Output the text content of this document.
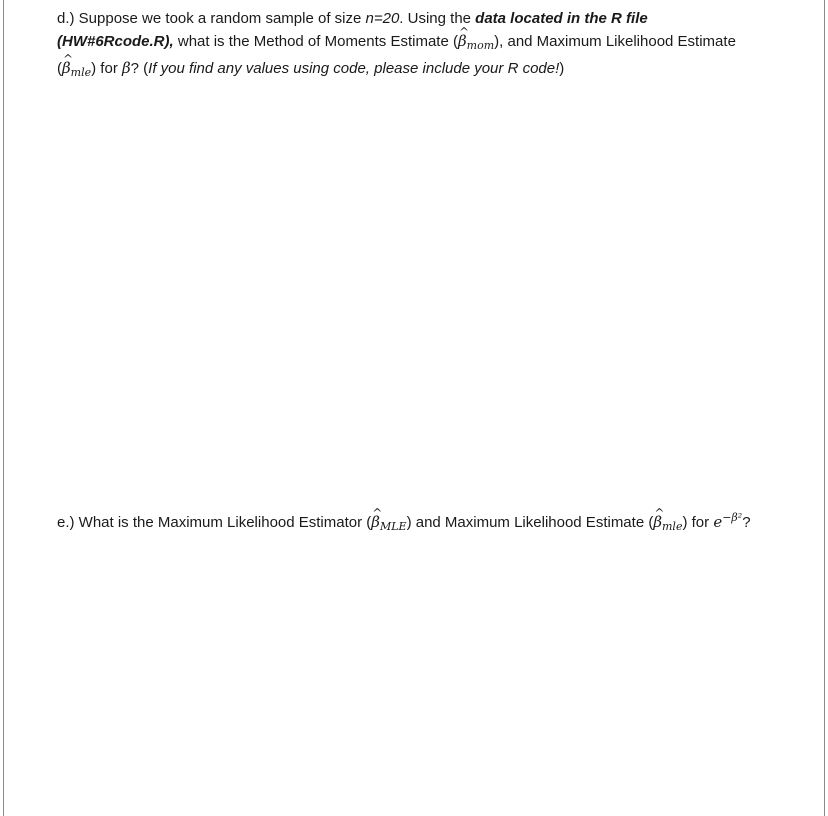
d.) Suppose we took a random sample of size n=20. Using the data located in the R file
(HW#6Rcode.R), what is the Method of Moments Estimate (^ $\beta_{mom}$), and Maximum Likelihood Estimate
(^ $\beta_{mle}$) for β? (If you find any values using code, please include your R code!)
e.) What is the Maximum Likelihood Estimator (^ $\beta_{MLE}$) and Maximum Likelihood Estimate (^ $\beta_{mle}$) for $e^{-\beta^2}$?
